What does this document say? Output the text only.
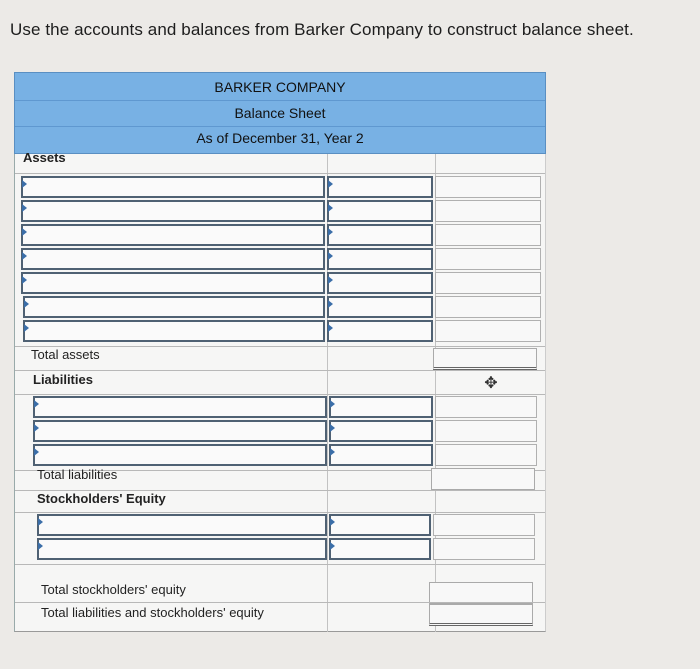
Use the accounts and balances from Barker Company to construct balance sheet.
BARKER COMPANY
Balance Sheet
As of December 31, Year 2
Assets
Total assets
Liabilities
Total liabilities
Stockholders' Equity
Total stockholders' equity
Total liabilities and stockholders' equity
✥
